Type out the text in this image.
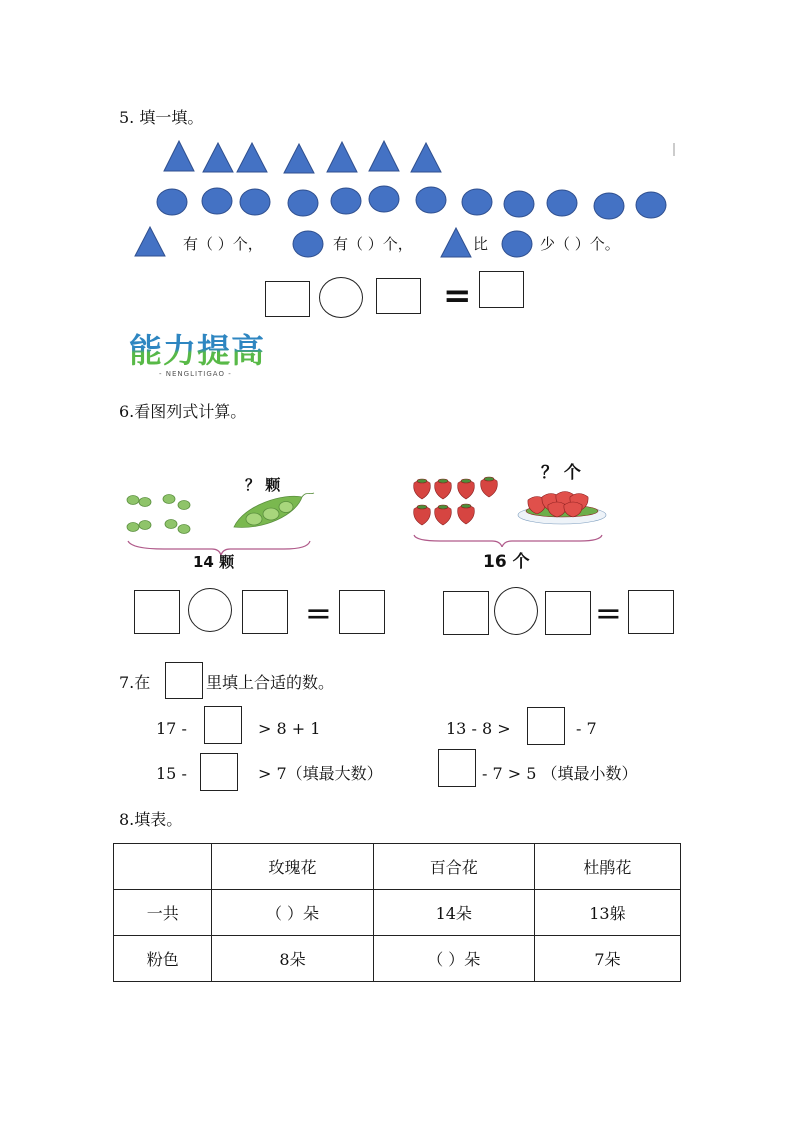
5. 填一填。
有（ ）个，	有（ ）个，	比	少（ ）个。
=
能力提高
- NENGLITIGAO -
6.看图列式计算。
？ 颗
14 颗
？ 个
16 个
=	=
7.在	里填上合适的数。
17 -	> 8 + 1	13 - 8 >	- 7
15 -	> 7（填最大数）	- 7 > 5 （填最小数）
8.填表。
	玫瑰花	百合花	杜鹃花
一共	（ ）朵	14朵	13躲
粉色	8朵	（ ）朵	7朵
